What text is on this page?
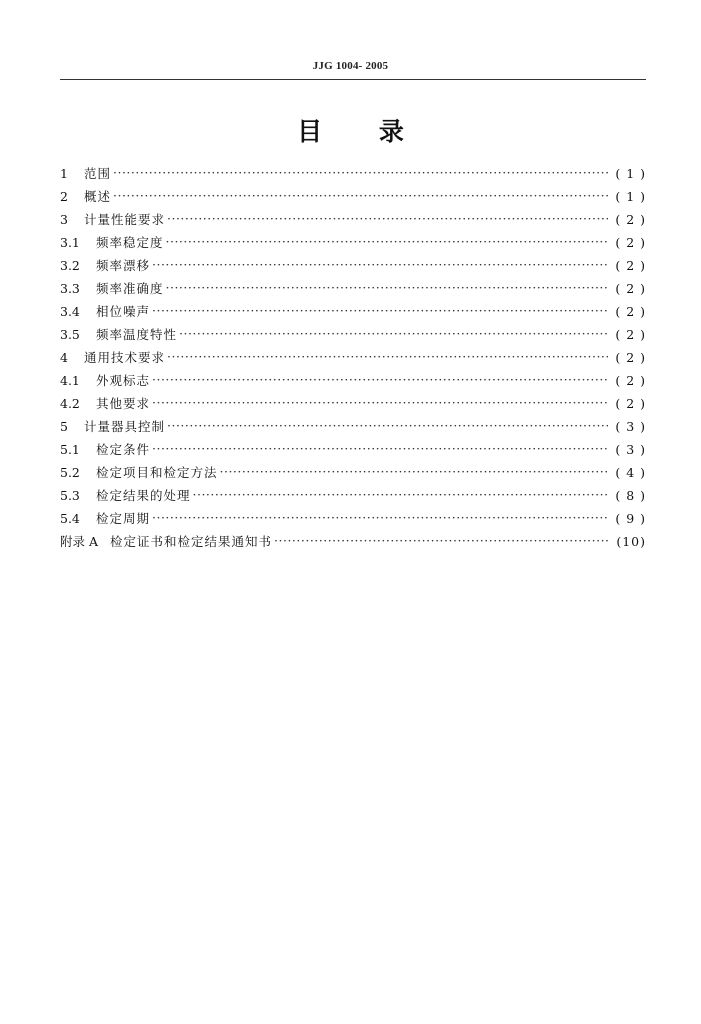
JJG 1004- 2005
目 录
1	范围 ·····	( 1 )
2	概述 ·····	( 1 )
3	计量性能要求 ·····	( 2 )
3.1	频率稳定度 ·····	( 2 )
3.2	频率漂移 ·····	( 2 )
3.3	频率准确度 ·····	( 2 )
3.4	相位噪声 ·····	( 2 )
3.5	频率温度特性 ·····	( 2 )
4	通用技术要求 ·····	( 2 )
4.1	外观标志 ·····	( 2 )
4.2	其他要求 ·····	( 2 )
5	计量器具控制 ·····	( 3 )
5.1	检定条件 ·····	( 3 )
5.2	检定项目和检定方法 ·····	( 4 )
5.3	检定结果的处理 ·····	( 8 )
5.4	检定周期 ·····	( 9 )
附录 A 检定证书和检定结果通知书 ·····	(10)
